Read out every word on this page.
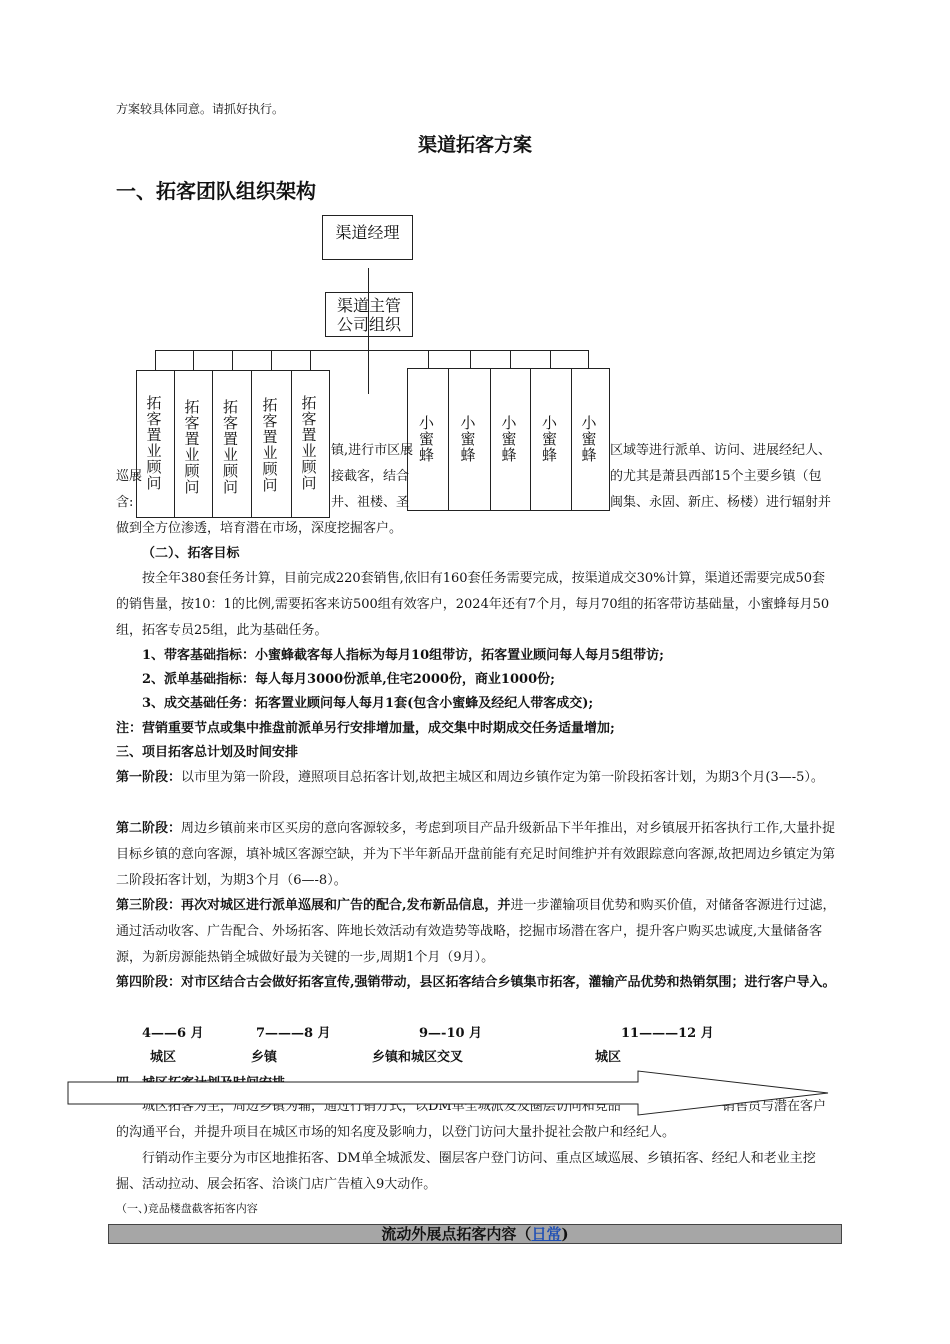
方案较具体同意。请抓好执行。
渠道拓客方案
一、拓客团队组织架构
渠道经理
渠道主管
公司组织
拓客置业顾问 拓客置业顾问 拓客置业顾问 拓客置业顾问 拓客置业顾问	小蜜蜂 小蜜蜂 小蜜蜂 小蜜蜂 小蜜蜂
镇,进行市区展	区域等进行派单、访问、进展经纪人、
巡展	接截客，结合	的尤其是萧县西部15个主要乡镇（包
含:	井、祖楼、圣	闽集、永固、新庄、杨楼）进行辐射并
做到全方位渗透，培育潜在市场，深度挖掘客户。
（二）、拓客目标
按全年380套任务计算，目前完成220套销售,依旧有160套任务需要完成，按渠道成交30%计算，渠道还需要完成50套的销售量，按10：1的比例,需要拓客来访500组有效客户，2024年还有7个月，每月70组的拓客带访基础量，小蜜蜂每月50组，拓客专员25组，此为基础任务。
1、带客基础指标：小蜜蜂截客每人指标为每月10组带访，拓客置业顾问每人每月5组带访;
2、派单基础指标：每人每月3000份派单,住宅2000份，商业1000份;
3、成交基础任务：拓客置业顾问每人每月1套(包含小蜜蜂及经纪人带客成交);
注：营销重要节点或集中推盘前派单另行安排增加量，成交集中时期成交任务适量增加;
三、项目拓客总计划及时间安排
第一阶段：以市里为第一阶段，遵照项目总拓客计划,故把主城区和周边乡镇作定为第一阶段拓客计划，为期3个月(3—-5）。
第二阶段：周边乡镇前来市区买房的意向客源较多，考虑到项目产品升级新品下半年推出，对乡镇展开拓客执行工作,大量扑捉目标乡镇的意向客源，填补城区客源空缺，并为下半年新品开盘前能有充足时间维护并有效跟踪意向客源,故把周边乡镇定为第二阶段拓客计划，为期3个月（6—-8）。
第三阶段：再次对城区进行派单巡展和广告的配合,发布新品信息，并进一步灌输项目优势和购买价值，对储备客源进行过滤，通过活动收客、广告配合、外场拓客、阵地长效活动有效造势等战略，挖掘市场潜在客户，提升客户购买忠诚度,大量储备客源，为新房源能热销全城做好最为关键的一步,周期1个月（9月）。
第四阶段：对市区结合古会做好拓客宣传,强销带动，县区拓客结合乡镇集市拓客，灌输产品优势和热销氛围；进行客户导入。
4——6 月	7———8 月	9—-10 月	11———12 月
城区	乡镇	乡镇和城区交叉	城区
城区拓客为主，周边乡镇为辅，通过行销方式，以DM单全城派发及圈层访问和竞品	销售员与潜在客户
的沟通平台，并提升项目在城区市场的知名度及影响力，以登门访问大量扑捉社会散户和经纪人。
行销动作主要分为市区地推拓客、DM单全城派发、圈层客户登门访问、重点区域巡展、乡镇拓客、经纪人和老业主挖掘、活动拉动、展会拓客、洽谈门店广告植入9大动作。
（一、)竞品楼盘截客拓客内容
流动外展点拓客内容（日常)
